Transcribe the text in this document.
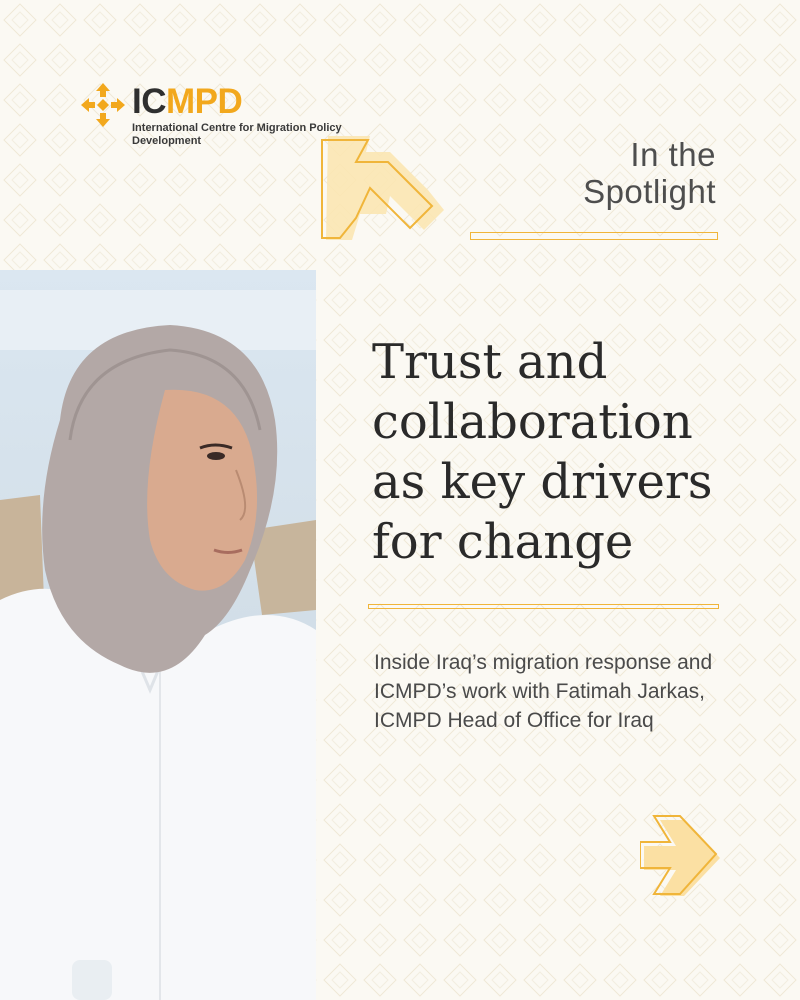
ICMPD
International Centre for Migration Policy Development	In the
Spotlight
Trust and
collaboration
as key drivers
for change

Inside Iraq’s migration response and ICMPD’s work with Fatimah Jarkas, ICMPD Head of Office for Iraq
